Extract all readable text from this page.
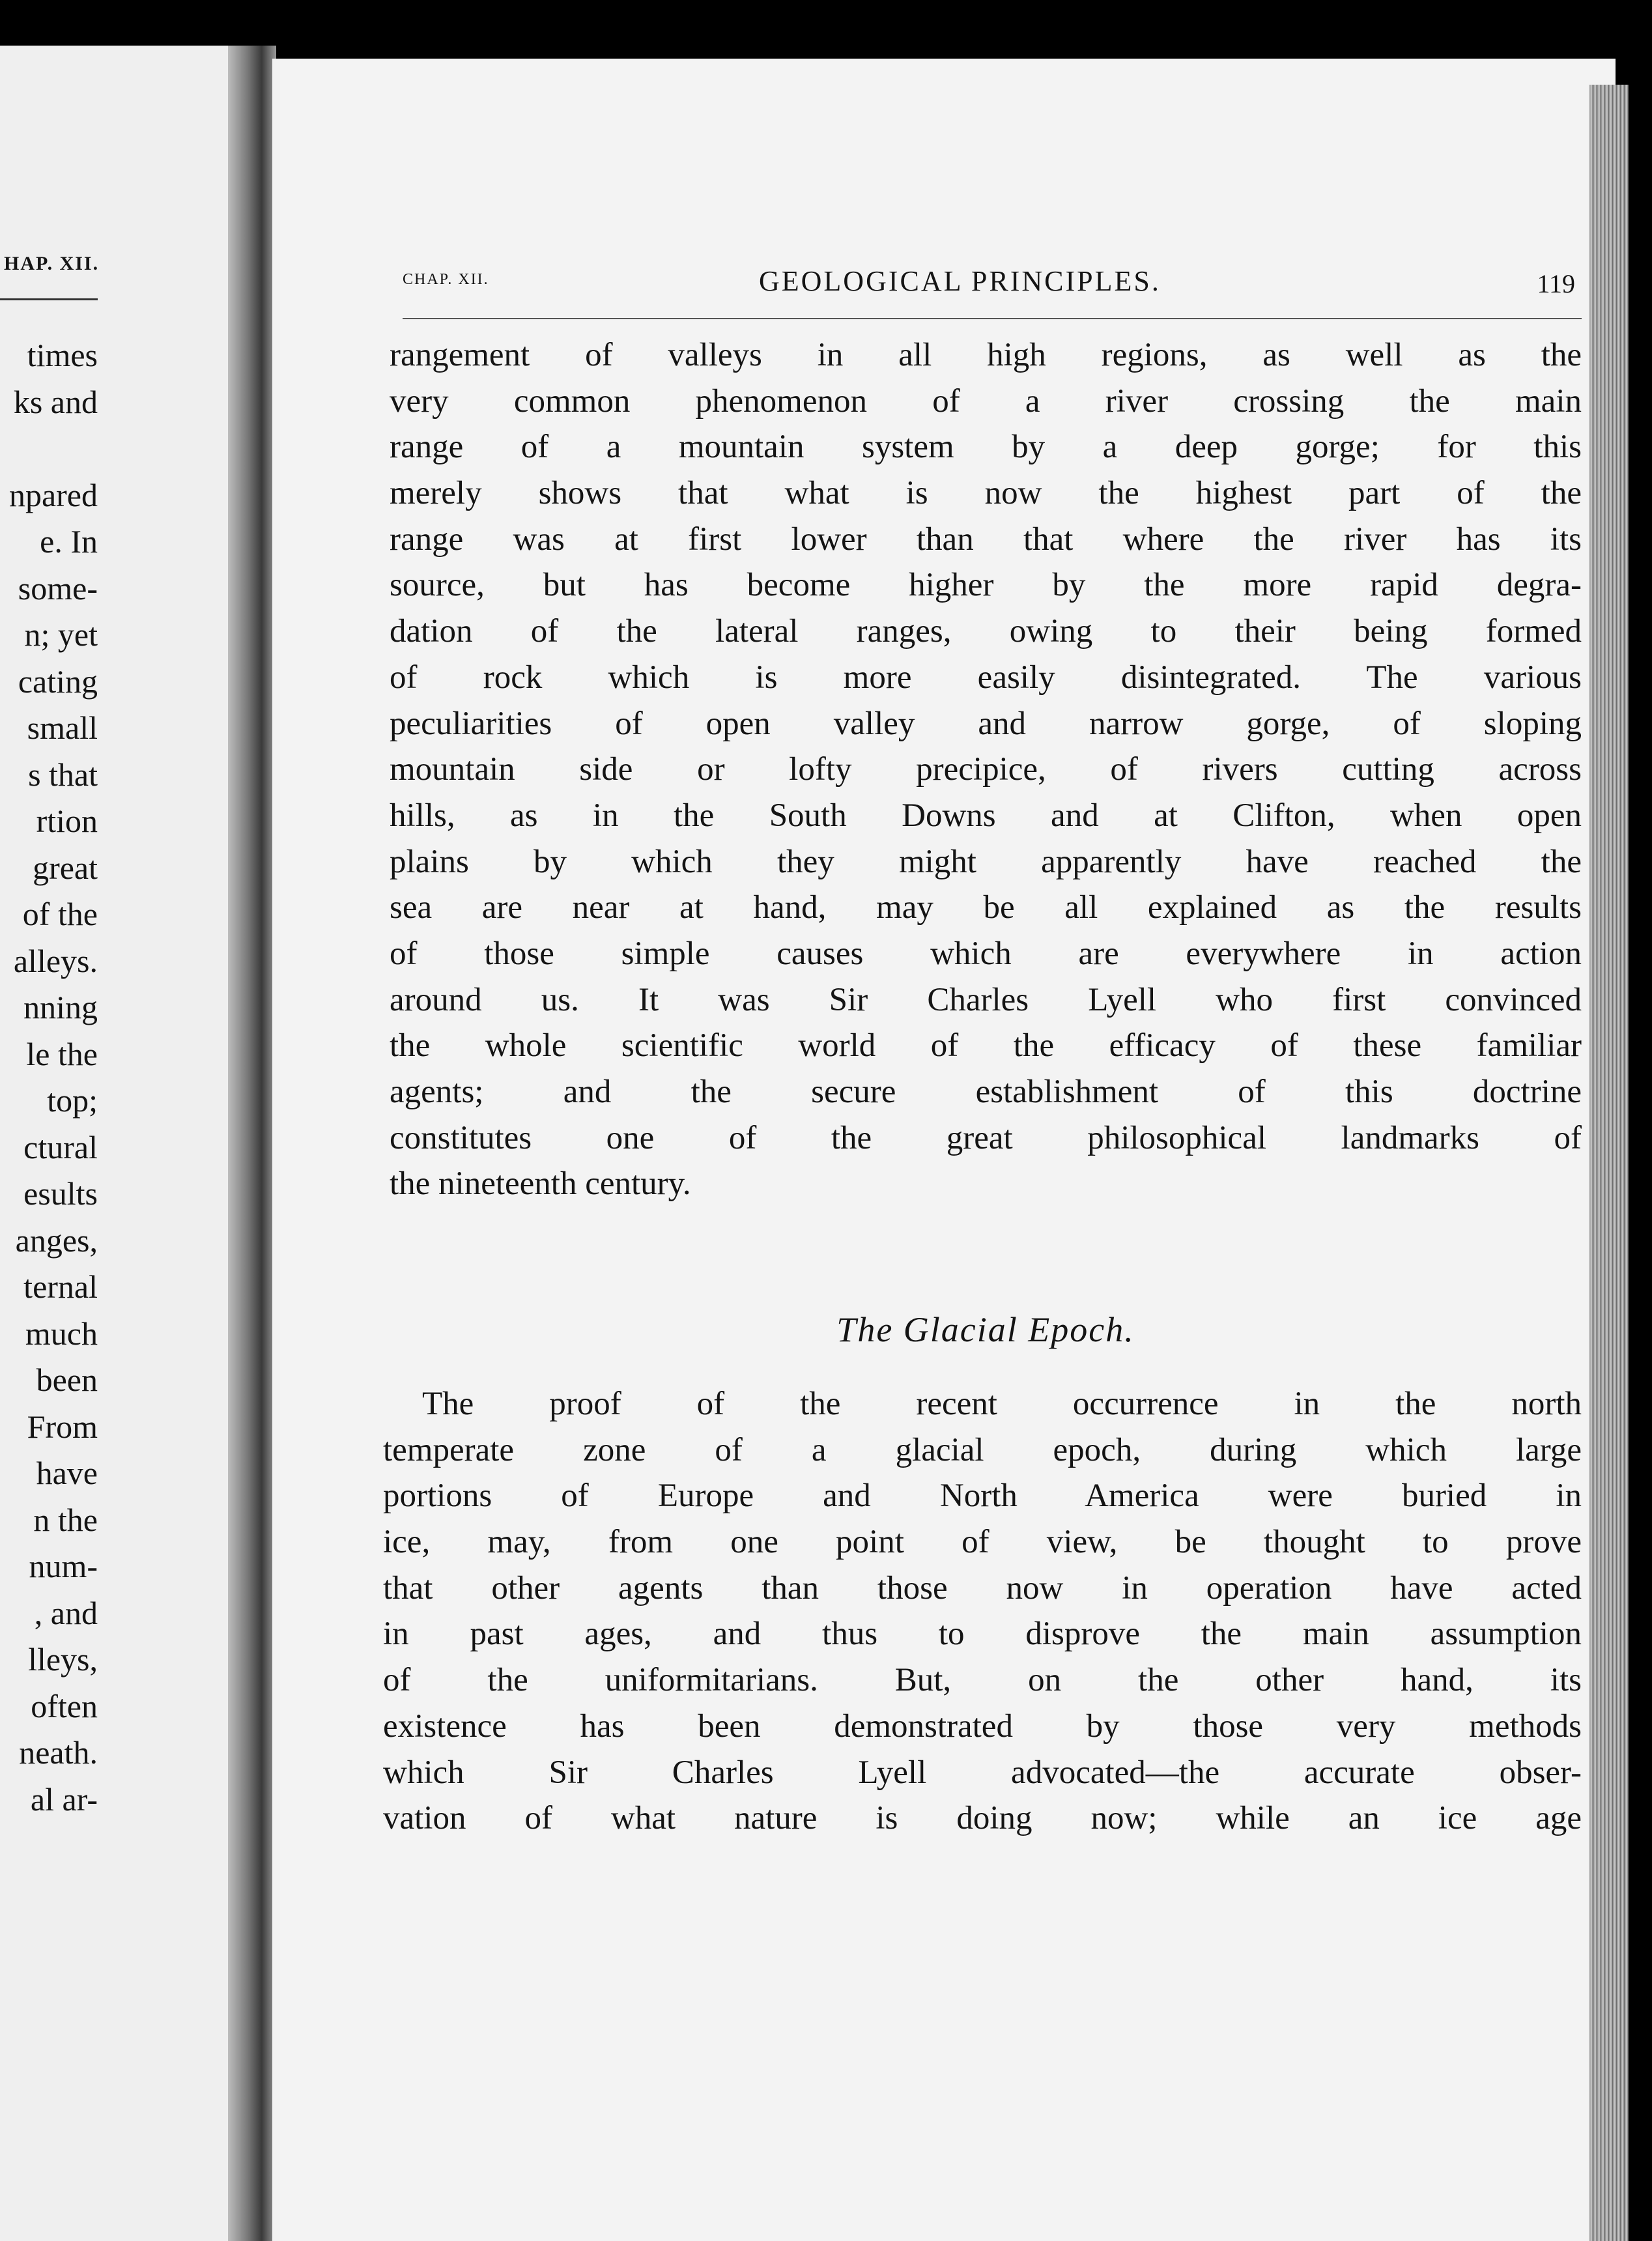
HAP. XII.
times
ks and
npared
e. In
some-
n; yet
cating
small
s that
rtion
great
of the
alleys.
nning
le the
top;
ctural
esults
anges,
ternal
much
been
From
have
n the
num-
, and
lleys,
often
neath.
al ar-
CHAP. XII.	GEOLOGICAL PRINCIPLES.	119
rangement of valleys in all high regions, as well as the
very common phenomenon of a river crossing the main
range of a mountain system by a deep gorge; for this
merely shows that what is now the highest part of the
range was at first lower than that where the river has its
source, but has become higher by the more rapid degra-
dation of the lateral ranges, owing to their being formed
of rock which is more easily disintegrated. The various
peculiarities of open valley and narrow gorge, of sloping
mountain side or lofty precipice, of rivers cutting across
hills, as in the South Downs and at Clifton, when open
plains by which they might apparently have reached the
sea are near at hand, may be all explained as the results
of those simple causes which are everywhere in action
around us. It was Sir Charles Lyell who first convinced
the whole scientific world of the efficacy of these familiar
agents; and the secure establishment of this doctrine
constitutes one of the great philosophical landmarks of
the nineteenth century.
The Glacial Epoch.
The proof of the recent occurrence in the north
temperate zone of a glacial epoch, during which large
portions of Europe and North America were buried in
ice, may, from one point of view, be thought to prove
that other agents than those now in operation have acted
in past ages, and thus to disprove the main assumption
of the uniformitarians. But, on the other hand, its
existence has been demonstrated by those very methods
which Sir Charles Lyell advocated—the accurate obser-
vation of what nature is doing now; while an ice age
